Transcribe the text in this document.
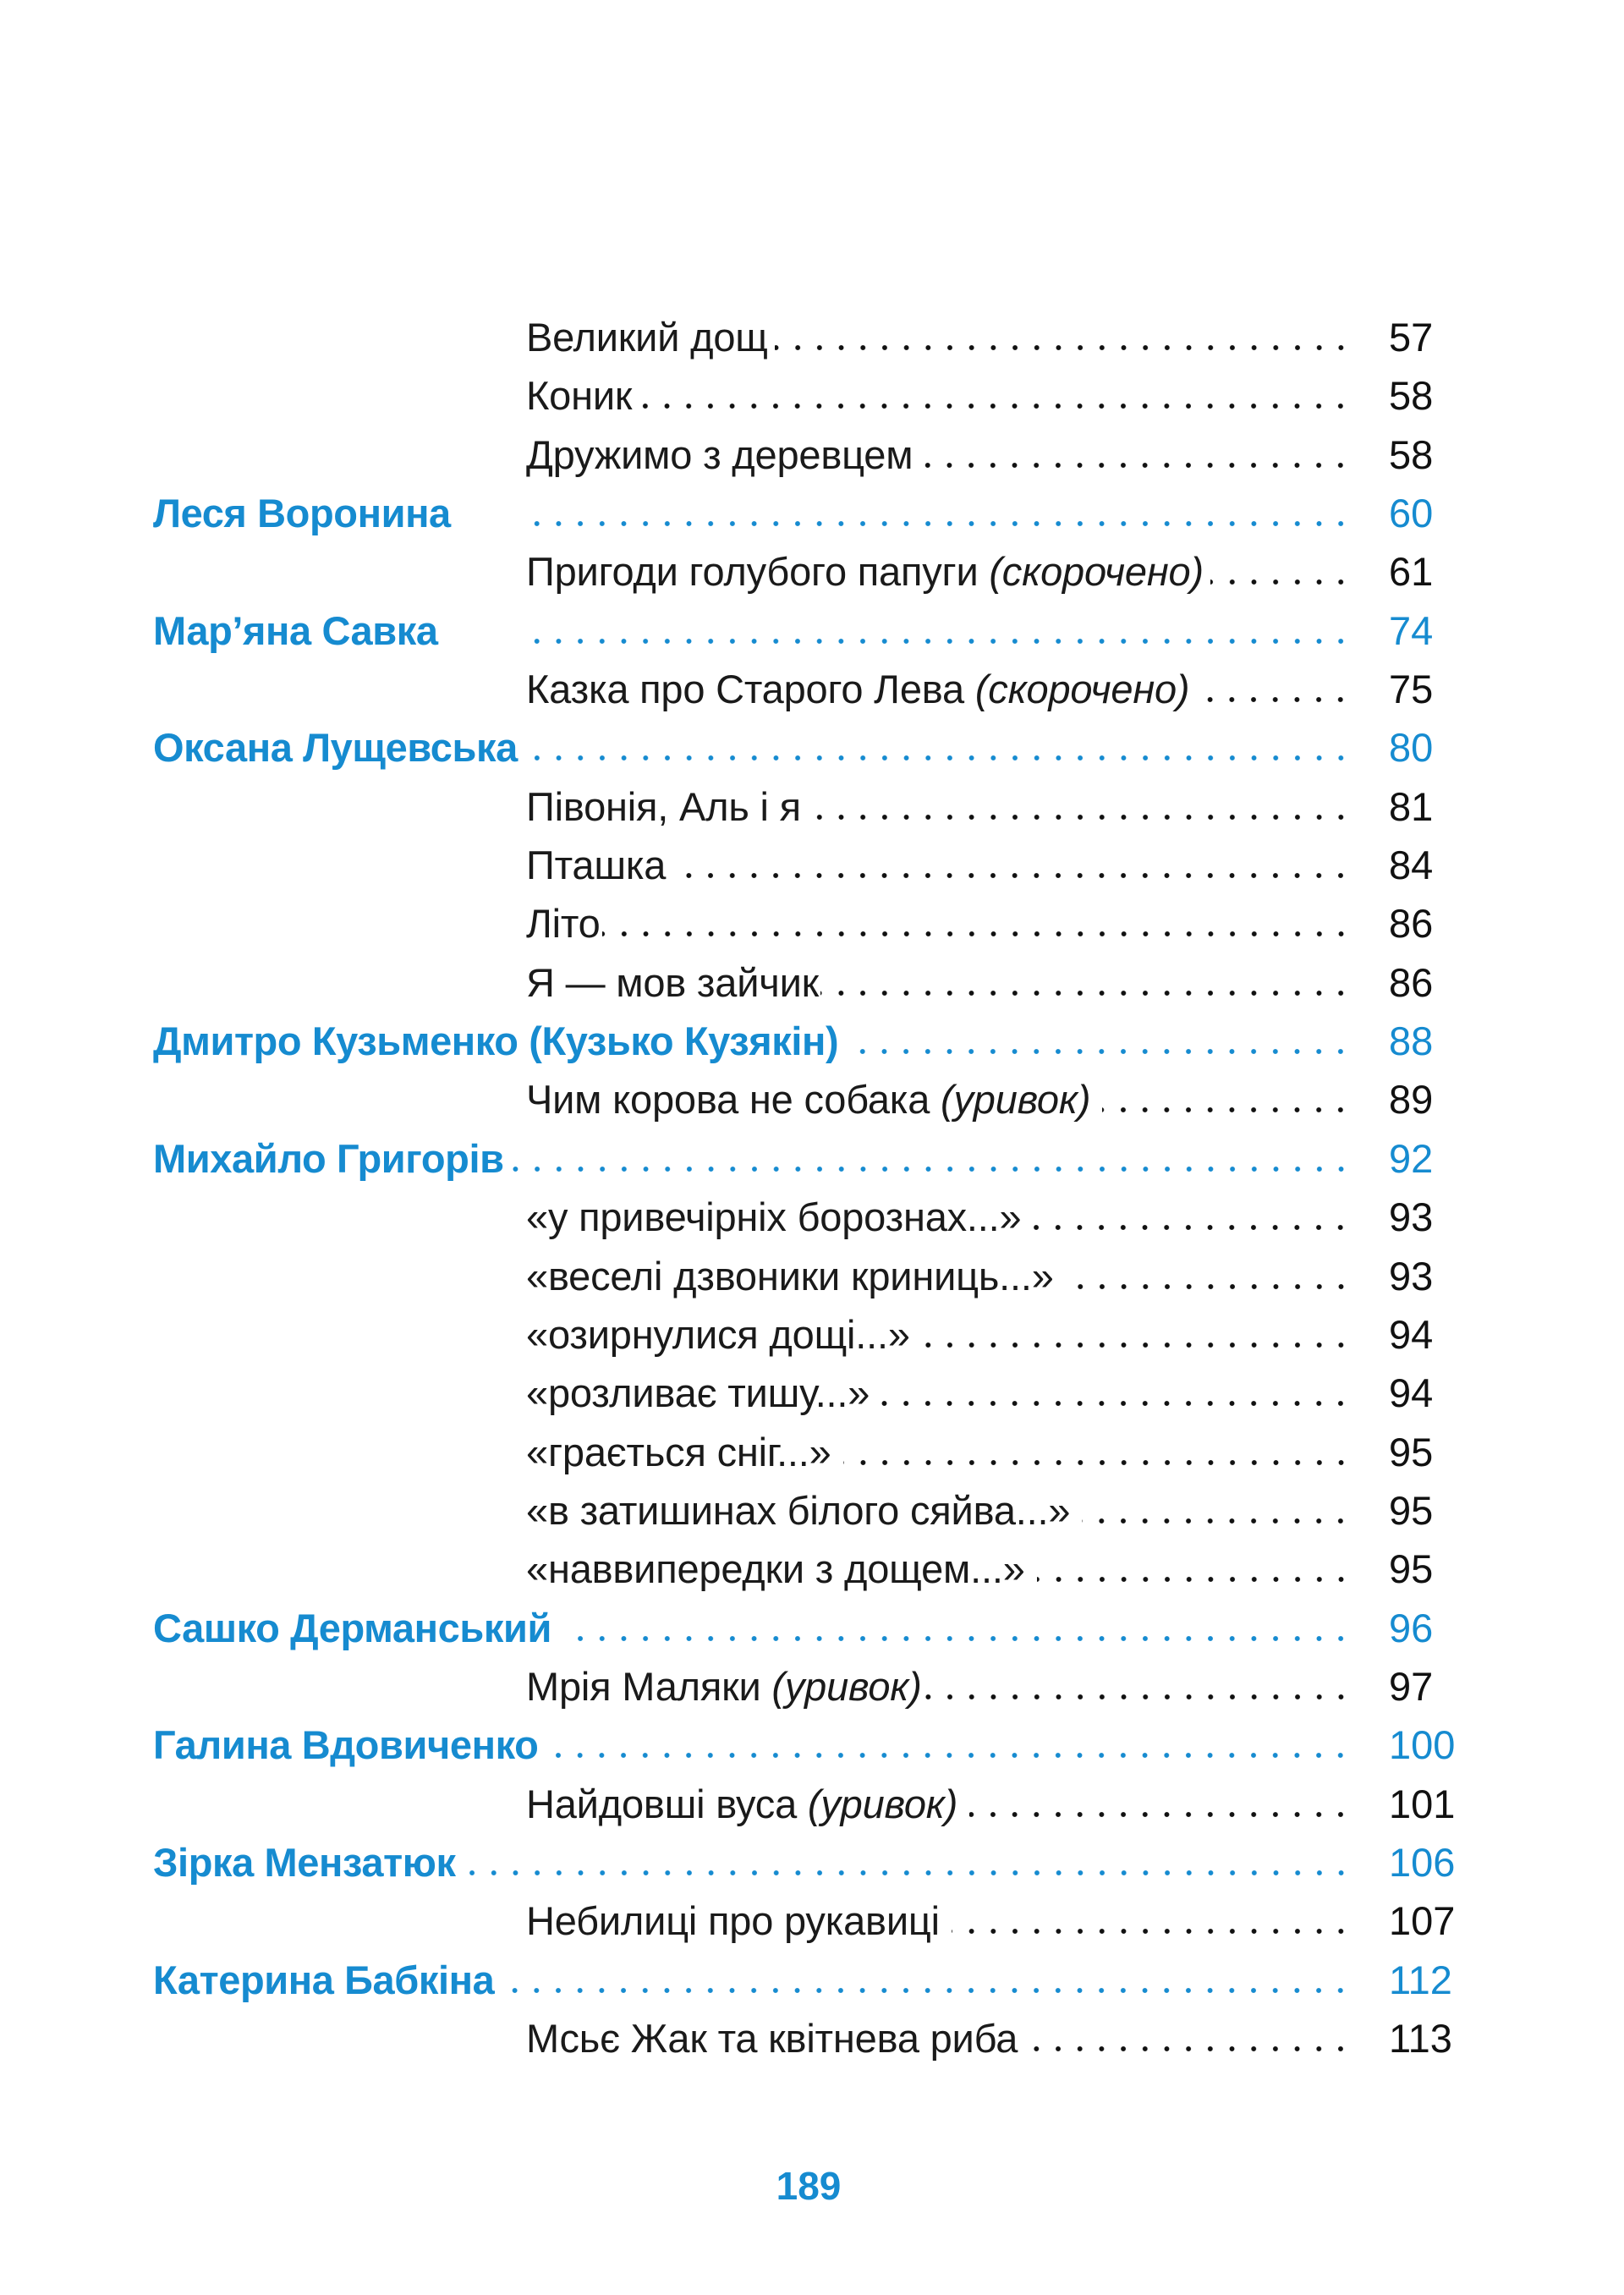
Великий дощ	57
Коник	58
Дружимо з деревцем	58
Леся Воронина	60
Пригоди голубого папуги (скорочено)	61
Мар’яна Савка	74
Казка про Старого Лева (скорочено)	75
Оксана Лущевська	80
Півонія, Аль і я	81
Пташка	84
Літо	86
Я — мов зайчик	86
Дмитро Кузьменко (Кузько Кузякін)	88
Чим корова не собака (уривок)	89
Михайло Григорів	92
«у привечірніх борознах...»	93
«веселі дзвоники криниць...»	93
«озирнулися дощі...»	94
«розливає тишу...»	94
«грається сніг...»	95
«в затишинах білого сяйва...»	95
«наввипередки з дощем...»	95
Сашко Дерманський	96
Мрія Маляки (уривок)	97
Галина Вдовиченко	100
Найдовші вуса (уривок)	101
Зірка Мензатюк	106
Небилиці про рукавиці	107
Катерина Бабкіна	112
Мсьє Жак та квітнева риба	113
189
